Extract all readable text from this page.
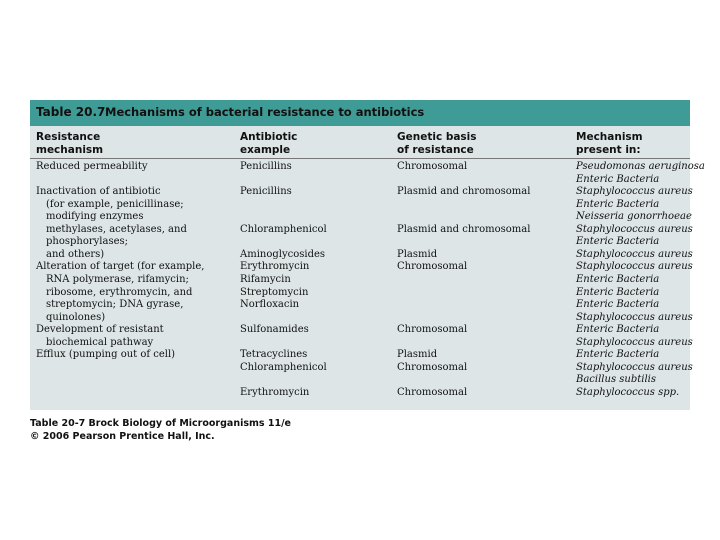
Table 20.7 Mechanisms of bacterial resistance to antibiotics
Resistance
mechanism
Antibiotic
example
Genetic basis
of resistance
Mechanism
present in:
Reduced permeability
Inactivation of antibiotic
(for example, penicillinase;
modifying enzymes
methylases, acetylases, and
phosphorylases;
and others)
Alteration of target (for example,
RNA polymerase, rifamycin;
ribosome, erythromycin, and
streptomycin; DNA gyrase,
quinolones)
Development of resistant
biochemical pathway
Efflux (pumping out of cell)
Penicillins
Penicillins
Chloramphenicol
Aminoglycosides
Erythromycin
Rifamycin
Streptomycin
Norfloxacin
Sulfonamides
Tetracyclines
Chloramphenicol
Erythromycin
Chromosomal
Plasmid and chromosomal
Plasmid and chromosomal
Plasmid
Chromosomal
Chromosomal
Plasmid
Chromosomal
Chromosomal
Pseudomonas aeruginosa
Enteric Bacteria
Staphylococcus aureus
Enteric Bacteria
Neisseria gonorrhoeae
Staphylococcus aureus
Enteric Bacteria
Staphylococcus aureus
Staphylococcus aureus
Enteric Bacteria
Enteric Bacteria
Enteric Bacteria
Staphylococcus aureus
Enteric Bacteria
Staphylococcus aureus
Enteric Bacteria
Staphylococcus aureus
Bacillus subtilis
Staphylococcus spp.
Table 20-7 Brock Biology of Microorganisms 11/e
© 2006 Pearson Prentice Hall, Inc.
